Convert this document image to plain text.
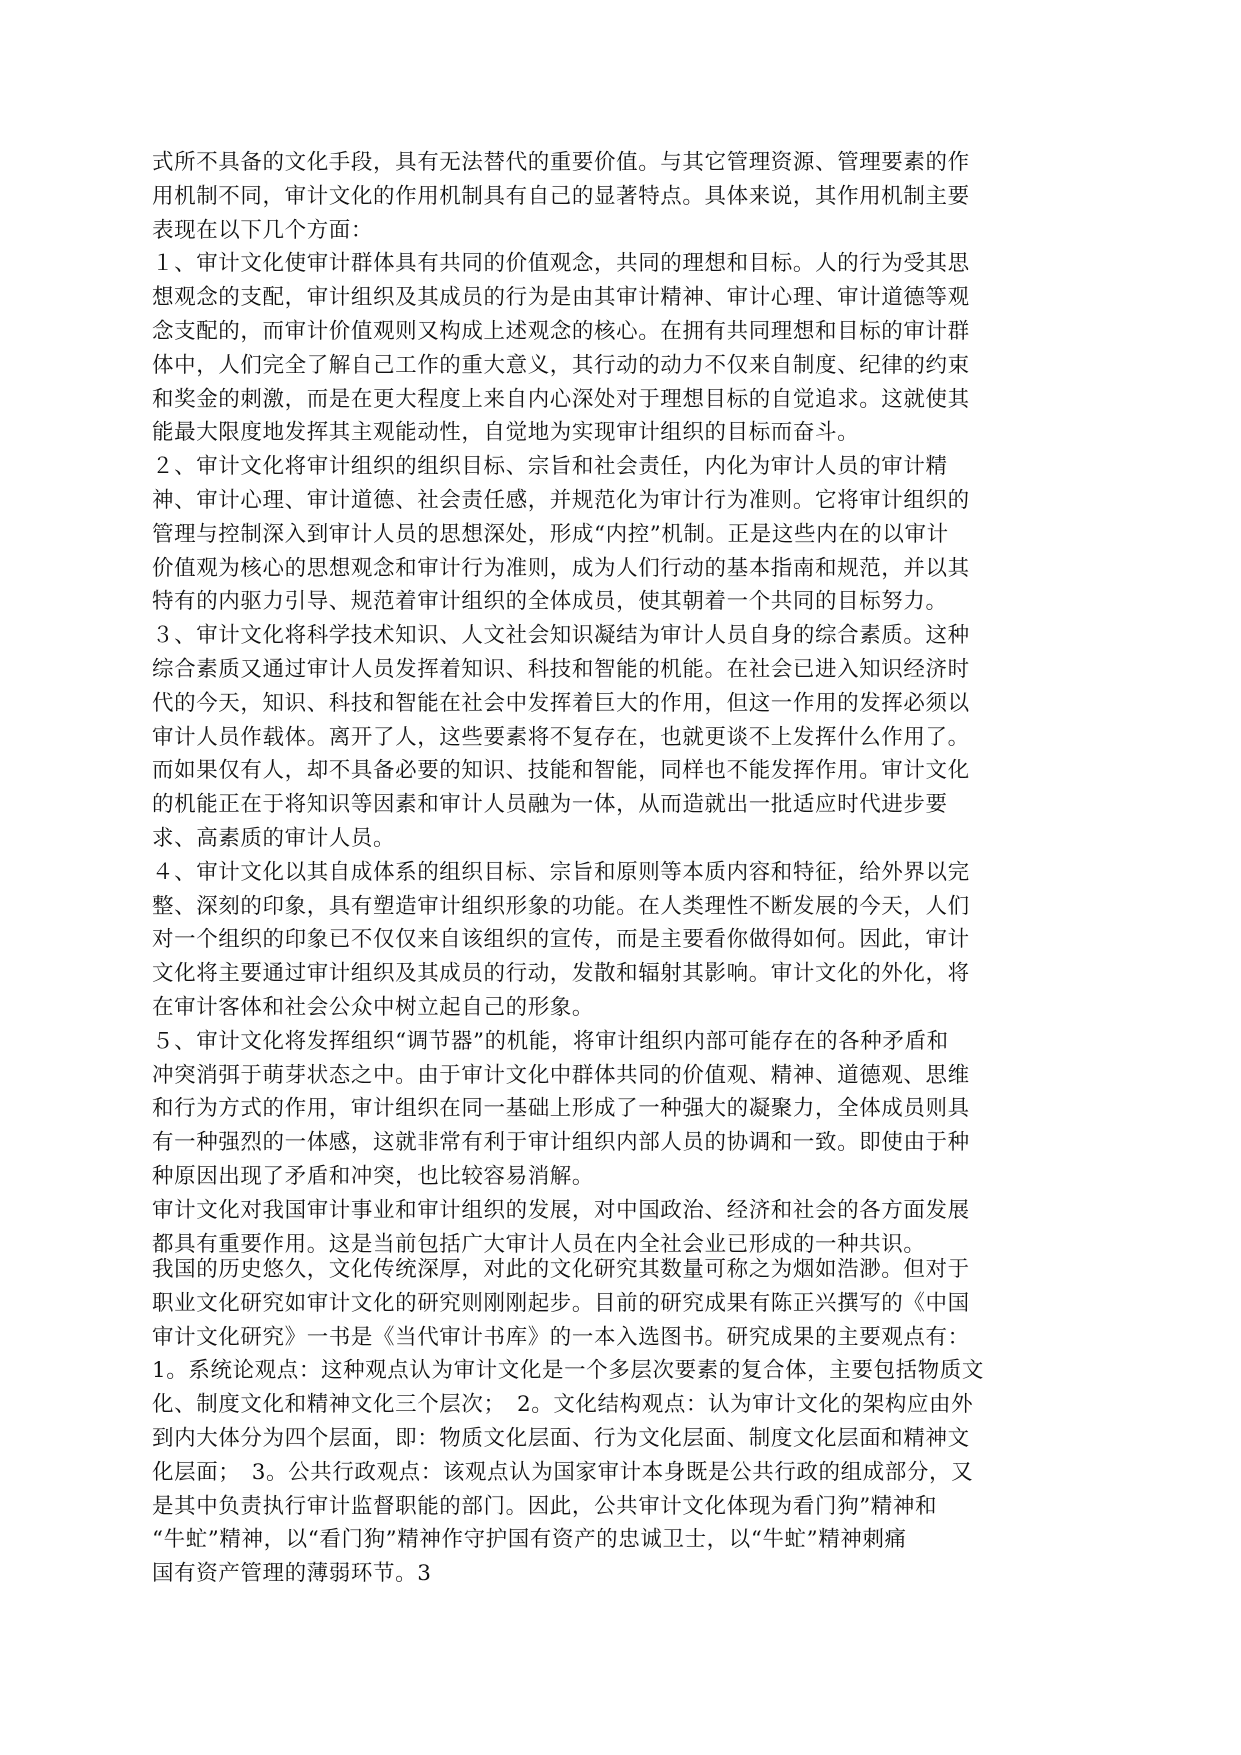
式所不具备的文化手段，具有无法替代的重要价值。与其它管理资源、管理要素的作
用机制不同，审计文化的作用机制具有自己的显著特点。具体来说，其作用机制主要
表现在以下几个方面：
１、审计文化使审计群体具有共同的价值观念，共同的理想和目标。人的行为受其思
想观念的支配，审计组织及其成员的行为是由其审计精神、审计心理、审计道德等观
念支配的，而审计价值观则又构成上述观念的核心。在拥有共同理想和目标的审计群
体中，人们完全了解自己工作的重大意义，其行动的动力不仅来自制度、纪律的约束
和奖金的刺激，而是在更大程度上来自内心深处对于理想目标的自觉追求。这就使其
能最大限度地发挥其主观能动性，自觉地为实现审计组织的目标而奋斗。
２、审计文化将审计组织的组织目标、宗旨和社会责任，内化为审计人员的审计精
神、审计心理、审计道德、社会责任感，并规范化为审计行为准则。它将审计组织的
管理与控制深入到审计人员的思想深处，形成“内控”机制。正是这些内在的以审计
价值观为核心的思想观念和审计行为准则，成为人们行动的基本指南和规范，并以其
特有的内驱力引导、规范着审计组织的全体成员，使其朝着一个共同的目标努力。
３、审计文化将科学技术知识、人文社会知识凝结为审计人员自身的综合素质。这种
综合素质又通过审计人员发挥着知识、科技和智能的机能。在社会已进入知识经济时
代的今天，知识、科技和智能在社会中发挥着巨大的作用，但这一作用的发挥必须以
审计人员作载体。离开了人，这些要素将不复存在，也就更谈不上发挥什么作用了。
而如果仅有人，却不具备必要的知识、技能和智能，同样也不能发挥作用。审计文化
的机能正在于将知识等因素和审计人员融为一体，从而造就出一批适应时代进步要
求、高素质的审计人员。
４、审计文化以其自成体系的组织目标、宗旨和原则等本质内容和特征，给外界以完
整、深刻的印象，具有塑造审计组织形象的功能。在人类理性不断发展的今天，人们
对一个组织的印象已不仅仅来自该组织的宣传，而是主要看你做得如何。因此，审计
文化将主要通过审计组织及其成员的行动，发散和辐射其影响。审计文化的外化，将
在审计客体和社会公众中树立起自己的形象。
５、审计文化将发挥组织“调节器”的机能，将审计组织内部可能存在的各种矛盾和
冲突消弭于萌芽状态之中。由于审计文化中群体共同的价值观、精神、道德观、思维
和行为方式的作用，审计组织在同一基础上形成了一种强大的凝聚力，全体成员则具
有一种强烈的一体感，这就非常有利于审计组织内部人员的协调和一致。即使由于种
种原因出现了矛盾和冲突，也比较容易消解。
审计文化对我国审计事业和审计组织的发展，对中国政治、经济和社会的各方面发展
都具有重要作用。这是当前包括广大审计人员在内全社会业已形成的一种共识。
我国的历史悠久，文化传统深厚，对此的文化研究其数量可称之为烟如浩渺。但对于
职业文化研究如审计文化的研究则刚刚起步。目前的研究成果有陈正兴撰写的《中国
审计文化研究》一书是《当代审计书库》的一本入选图书。研究成果的主要观点有：
1。系统论观点：这种观点认为审计文化是一个多层次要素的复合体，主要包括物质文
化、制度文化和精神文化三个层次；　2。文化结构观点：认为审计文化的架构应由外
到内大体分为四个层面，即：物质文化层面、行为文化层面、制度文化层面和精神文
化层面；　3。公共行政观点：该观点认为国家审计本身既是公共行政的组成部分，又
是其中负责执行审计监督职能的部门。因此，公共审计文化体现为看门狗”精神和
“牛虻”精神，以“看门狗”精神作守护国有资产的忠诚卫士，以“牛虻”精神刺痛
国有资产管理的薄弱环节。3
